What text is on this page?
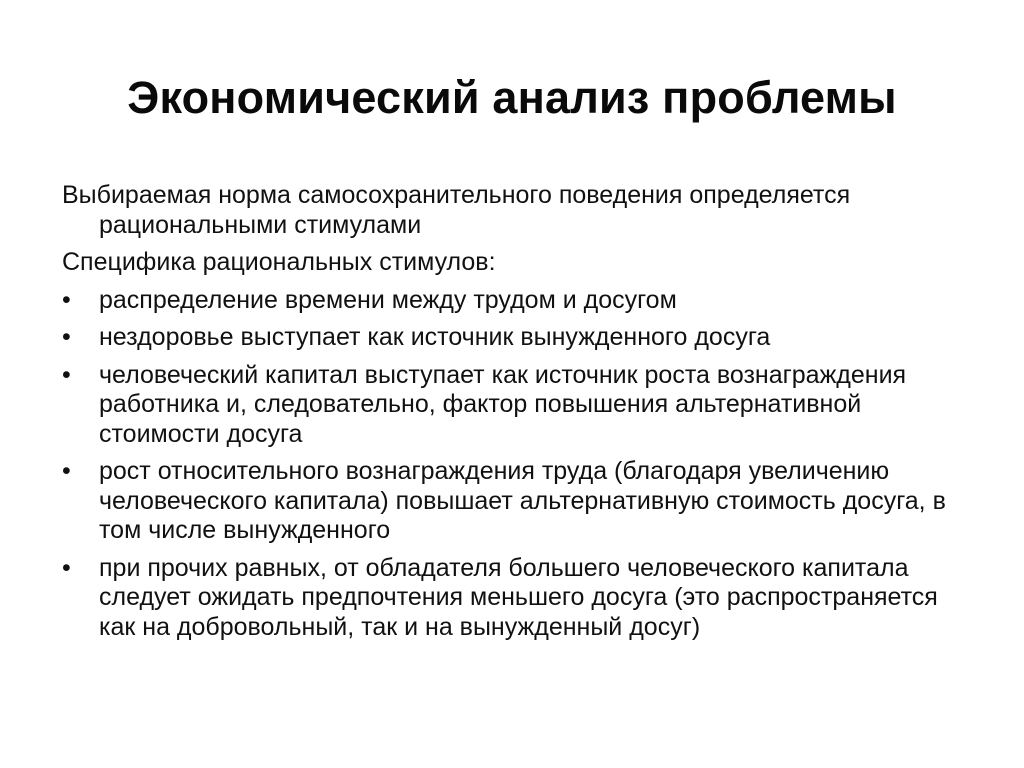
Экономический анализ проблемы

Выбираемая норма самосохранительного поведения определяется рациональными стимулами

Специфика рациональных стимулов:

•	распределение времени между трудом и досугом
•	нездоровье выступает как источник вынужденного досуга
•	человеческий капитал выступает как источник роста вознаграждения работника и, следовательно, фактор повышения альтернативной стоимости досуга
•	рост относительного вознаграждения труда (благодаря увеличению человеческого капитала) повышает альтернативную стоимость досуга, в том числе вынужденного
•	при прочих равных, от обладателя большего человеческого капитала следует ожидать предпочтения меньшего досуга (это распространяется как на добровольный, так и на вынужденный досуг)
